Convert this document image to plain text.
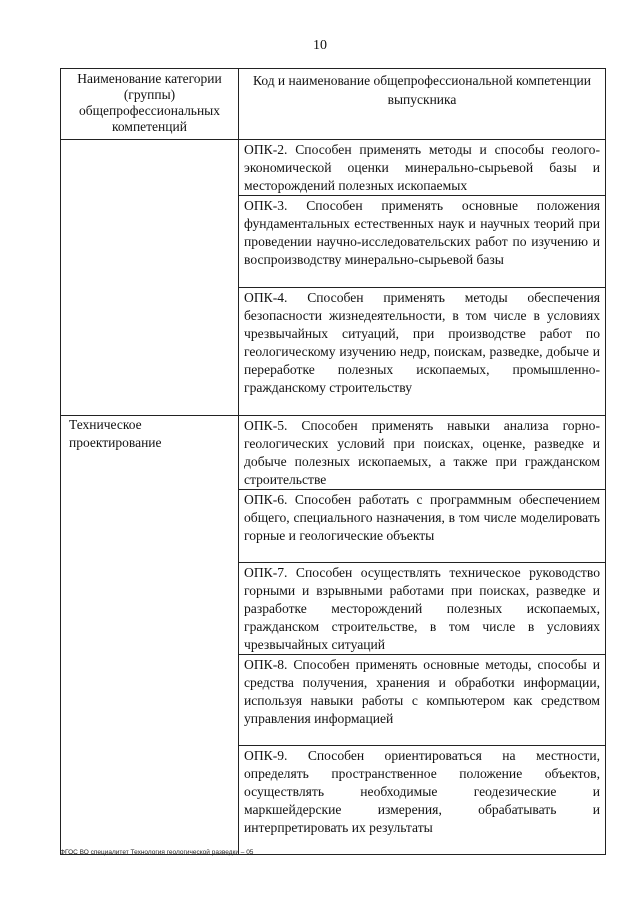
10
Наименование категории (группы) общепрофессиональных компетенций	Код и наименование общепрофессиональной компетенции выпускника
	ОПК-2. Способен применять методы и способы геолого-экономической оценки минерально-сырьевой базы и месторождений полезных ископаемых
	ОПК-3. Способен применять основные положения фундаментальных естественных наук и научных теорий при проведении научно-исследовательских работ по изучению и воспроизводству минерально-сырьевой базы
	ОПК-4. Способен применять методы обеспечения безопасности жизнедеятельности, в том числе в условиях чрезвычайных ситуаций, при производстве работ по геологическому изучению недр, поискам, разведке, добыче и переработке полезных ископаемых, промышленно-гражданскому строительству
Техническое проектирование	ОПК-5. Способен применять навыки анализа горно-геологических условий при поисках, оценке, разведке и добыче полезных ископаемых, а также при гражданском строительстве
	ОПК-6. Способен работать с программным обеспечением общего, специального назначения, в том числе моделировать горные и геологические объекты
	ОПК-7. Способен осуществлять техническое руководство горными и взрывными работами при поисках, разведке и разработке месторождений полезных ископаемых, гражданском строительстве, в том числе в условиях чрезвычайных ситуаций
	ОПК-8. Способен применять основные методы, способы и средства получения, хранения и обработки информации, используя навыки работы с компьютером как средством управления информацией
	ОПК-9. Способен ориентироваться на местности, определять пространственное положение объектов, осуществлять необходимые геодезические и маркшейдерские измерения, обрабатывать и интерпретировать их результаты
ФГОС ВО специалитет Технология геологической разведки – 05
